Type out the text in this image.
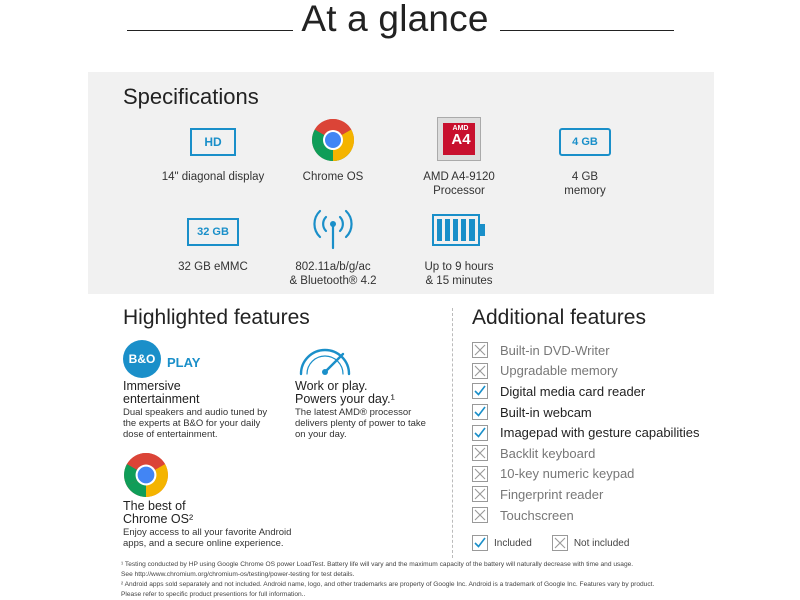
At a glance
Specifications
HD
14" diagonal display	Chrome OS
AMD
A4
AMD A4-9120
Processor
4 GB
4 GB
memory
32 GB
32 GB eMMC	802.11a/b/g/ac
& Bluetooth® 4.2
Up to 9 hours
& 15 minutes
Highlighted features
B&O PLAY
Immersive
entertainment
Dual speakers and audio tuned by
the experts at B&O for your daily
dose of entertainment.
Work or play.
Powers your day.¹
The latest AMD® processor
delivers plenty of power to take
on your day.
The best of
Chrome OS²
Enjoy access to all your favorite Android
apps, and a secure online experience.
Additional features
Built-in DVD-Writer
Upgradable memory
Digital media card reader
Built-in webcam
Imagepad with gesture capabilities
Backlit keyboard
10-key numeric keypad
Fingerprint reader
Touchscreen
Included	Not included
¹ Testing conducted by HP using Google Chrome OS power LoadTest. Battery life will vary and the maximum capacity of the battery will naturally decrease with time and usage.
See http://www.chromium.org/chromium-os/testing/power-testing for test details.
² Android apps sold separately and not included. Android name, logo, and other trademarks are property of Google Inc. Android is a trademark of Google Inc. Features vary by product.
Please refer to specific product presentions for full information..
